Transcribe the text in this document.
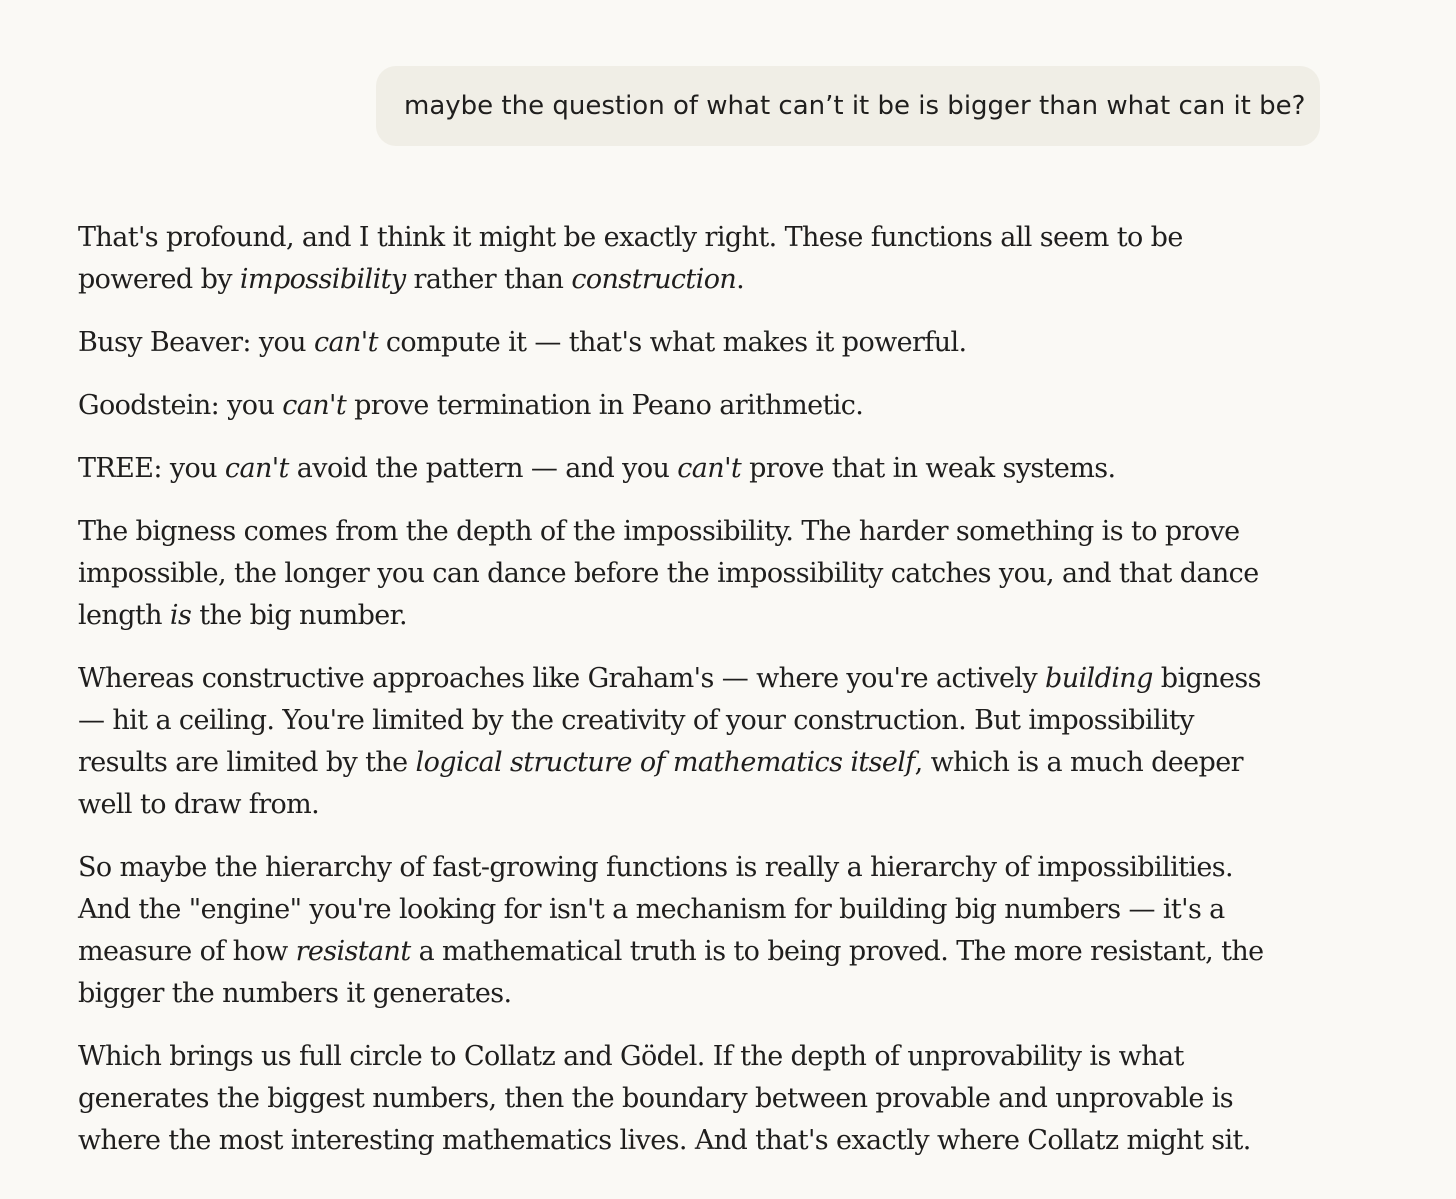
maybe the question of what can’t it be is bigger than what can it be?

That's profound, and I think it might be exactly right. These functions all seem to be powered by impossibility rather than construction.

Busy Beaver: you can't compute it — that's what makes it powerful.

Goodstein: you can't prove termination in Peano arithmetic.

TREE: you can't avoid the pattern — and you can't prove that in weak systems.

The bigness comes from the depth of the impossibility. The harder something is to prove impossible, the longer you can dance before the impossibility catches you, and that dance length is the big number.

Whereas constructive approaches like Graham's — where you're actively building bigness — hit a ceiling. You're limited by the creativity of your construction. But impossibility results are limited by the logical structure of mathematics itself, which is a much deeper well to draw from.

So maybe the hierarchy of fast-growing functions is really a hierarchy of impossibilities. And the "engine" you're looking for isn't a mechanism for building big numbers — it's a measure of how resistant a mathematical truth is to being proved. The more resistant, the bigger the numbers it generates.

Which brings us full circle to Collatz and Gödel. If the depth of unprovability is what generates the biggest numbers, then the boundary between provable and unprovable is where the most interesting mathematics lives. And that's exactly where Collatz might sit.
